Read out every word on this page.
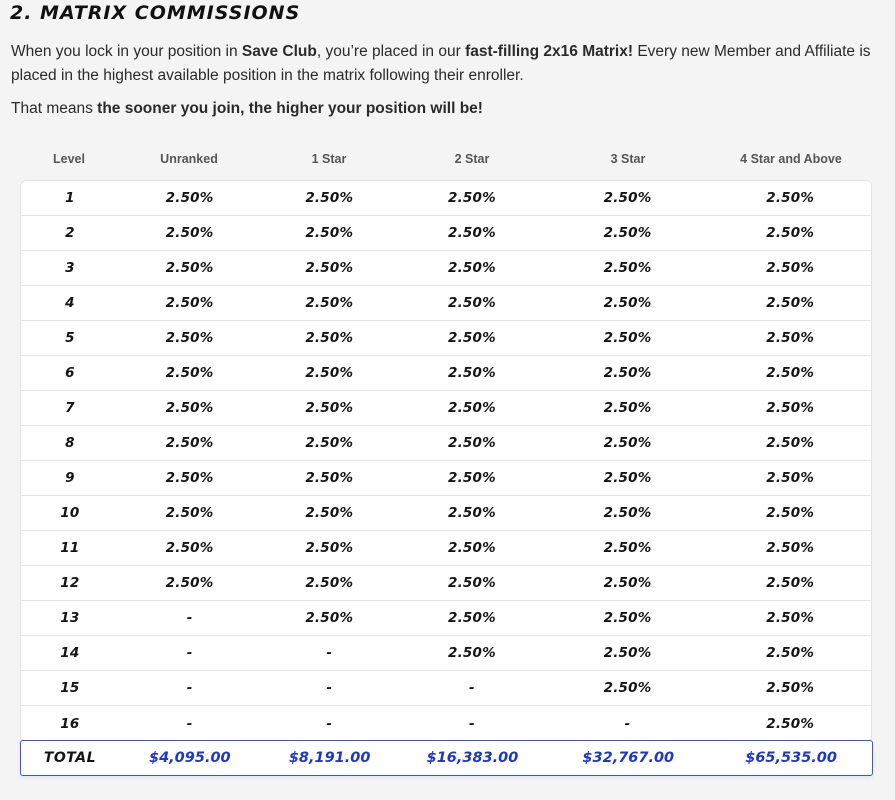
2. MATRIX COMMISSIONS

When you lock in your position in Save Club, you’re placed in our fast-filling 2x16 Matrix! Every new Member and Affiliate is placed in the highest available position in the matrix following their enroller.

That means the sooner you join, the higher your position will be!

Level	Unranked	1 Star	2 Star	3 Star	4 Star and Above
1	2.50%	2.50%	2.50%	2.50%	2.50%
2	2.50%	2.50%	2.50%	2.50%	2.50%
3	2.50%	2.50%	2.50%	2.50%	2.50%
4	2.50%	2.50%	2.50%	2.50%	2.50%
5	2.50%	2.50%	2.50%	2.50%	2.50%
6	2.50%	2.50%	2.50%	2.50%	2.50%
7	2.50%	2.50%	2.50%	2.50%	2.50%
8	2.50%	2.50%	2.50%	2.50%	2.50%
9	2.50%	2.50%	2.50%	2.50%	2.50%
10	2.50%	2.50%	2.50%	2.50%	2.50%
11	2.50%	2.50%	2.50%	2.50%	2.50%
12	2.50%	2.50%	2.50%	2.50%	2.50%
13	-	2.50%	2.50%	2.50%	2.50%
14	-	-	2.50%	2.50%	2.50%
15	-	-	-	2.50%	2.50%
16	-	-	-	-	2.50%
TOTAL	$4,095.00	$8,191.00	$16,383.00	$32,767.00	$65,535.00
